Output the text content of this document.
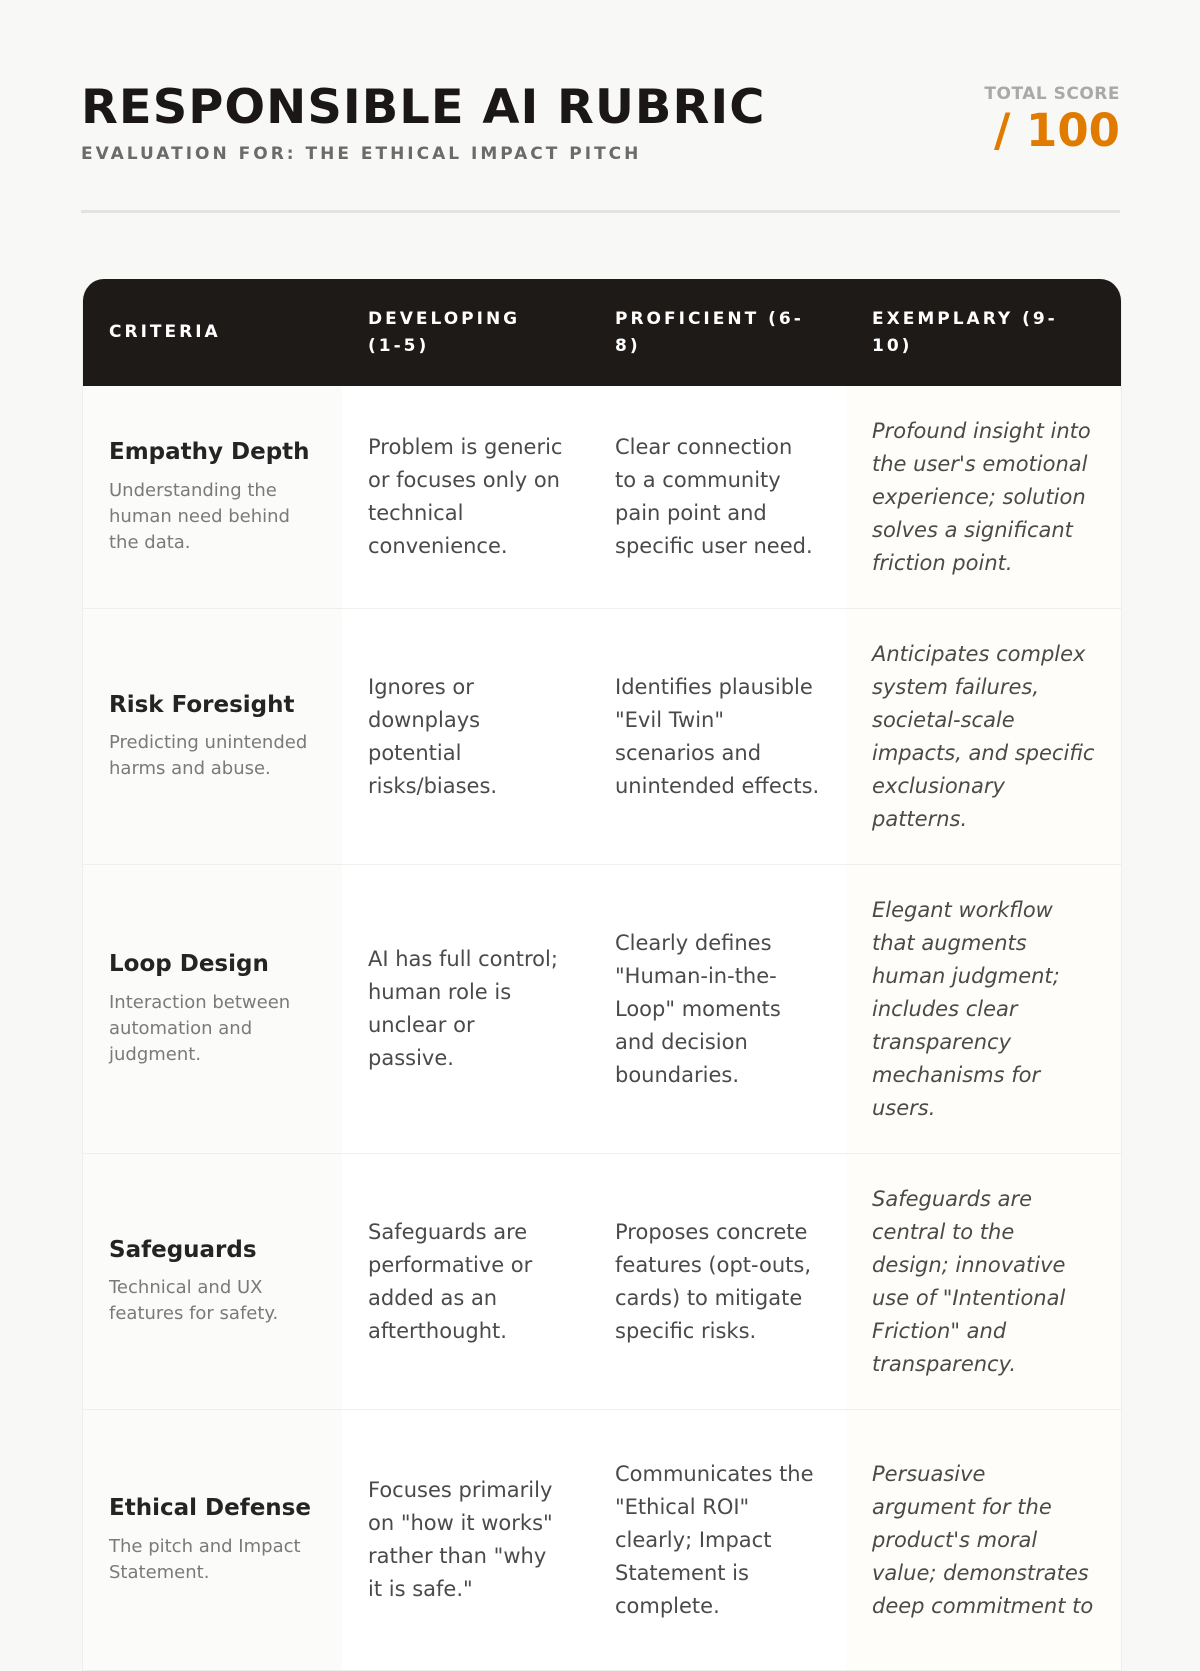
RESPONSIBLE AI RUBRIC
EVALUATION FOR: THE ETHICAL IMPACT PITCH
TOTAL SCORE
/ 100
CRITERIA
DEVELOPING (1-5)
PROFICIENT (6-8)
EXEMPLARY (9-10)
Empathy Depth
Understanding the human need behind the data.
Problem is generic or focuses only on technical convenience.
Clear connection to a community pain point and specific user need.
Profound insight into the user's emotional experience; solution solves a significant friction point.
Risk Foresight
Predicting unintended harms and abuse.
Ignores or downplays potential risks/biases.
Identifies plausible "Evil Twin" scenarios and unintended effects.
Anticipates complex system failures, societal-scale impacts, and specific exclusionary patterns.
Loop Design
Interaction between automation and judgment.
AI has full control; human role is unclear or passive.
Clearly defines "Human-in-the-Loop" moments and decision boundaries.
Elegant workflow that augments human judgment; includes clear transparency mechanisms for users.
Safeguards
Technical and UX features for safety.
Safeguards are performative or added as an afterthought.
Proposes concrete features (opt-outs, cards) to mitigate specific risks.
Safeguards are central to the design; innovative use of "Intentional Friction" and transparency.
Ethical Defense
The pitch and Impact Statement.
Focuses primarily on "how it works" rather than "why it is safe."
Communicates the "Ethical ROI" clearly; Impact Statement is complete.
Persuasive argument for the product's moral value; demonstrates deep commitment to
